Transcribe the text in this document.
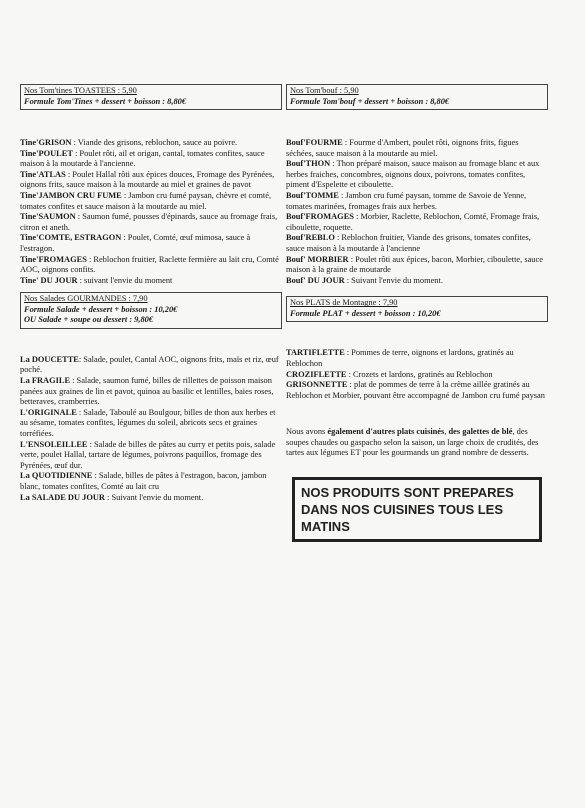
Nos Tom'tines TOASTEES : 5,90
Formule Tom'Tines + dessert + boisson : 8,80€

Tine'GRISON : Viande des grisons, reblochon, sauce au poivre.

Tine'POULET : Poulet rôti, ail et origan, cantal, tomates confites, sauce maison à la moutarde à l'ancienne.

Tine'ATLAS : Poulet Hallal rôti aux épices douces, Fromage des Pyrénées, oignons frits, sauce maison à la moutarde au miel et graines de pavot

Tine'JAMBON CRU FUME : Jambon cru fumé paysan, chèvre et comté, tomates confites et sauce maison à la moutarde au miel.

Tine'SAUMON : Saumon fumé, pousses d'épinards, sauce au fromage frais, citron et aneth.

Tine'COMTE, ESTRAGON : Poulet, Comté, œuf mimosa, sauce à l'estragon.

Tine'FROMAGES : Reblochon fruitier, Raclette fermière au lait cru, Comté AOC, oignons confits.

Tine' DU JOUR : suivant l'envie du moment

Nos Salades GOURMANDES : 7,90
Formule Salade + dessert + boisson : 10,20€
OU Salade + soupe ou dessert : 9,80€

La DOUCETTE: Salade, poulet, Cantal AOC, oignons frits, maïs et riz, œuf poché.

La FRAGILE : Salade, saumon fumé, billes de rillettes de poisson maison panées aux graines de lin et pavot, quinoa au basilic et lentilles, baies roses, betteraves, cramberries.

L'ORIGINALE : Salade, Taboulé au Boulgour, billes de thon aux herbes et au sésame, tomates confites, légumes du soleil, abricots secs et graines torréfiées.

L'ENSOLEILLEE : Salade de billes de pâtes au curry et petits pois, salade verte, poulet Hallal, tartare de légumes, poivrons paquillos, fromage des Pyrénées, œuf dur.

La QUOTIDIENNE : Salade, billes de pâtes à l'estragon, bacon, jambon blanc, tomates confites, Comté au lait cru

La SALADE DU JOUR : Suivant l'envie du moment.

Nos Tom'bouf : 5,90
Formule Tom'bouf + dessert + boisson : 8,80€

Bouf'FOURME : Fourme d'Ambert, poulet rôti, oignons frits, figues séchées, sauce maison à la moutarde au miel.

Bouf'THON : Thon préparé maison, sauce maison au fromage blanc et aux herbes fraiches, concombres, oignons doux, poivrons, tomates confites, piment d'Espelette et ciboulette.

Bouf'TOMME : Jambon cru fumé paysan, tomme de Savoie de Yenne, tomates marinées, fromages frais aux herbes.

Bouf'FROMAGES : Morbier, Raclette, Reblochon, Comté, Fromage frais, ciboulette, roquette.

Bouf'REBLO : Reblochon fruitier, Viande des grisons, tomates confites, sauce maison à la moutarde à l'ancienne

Bouf' MORBIER : Poulet rôti aux épices, bacon, Morbier, ciboulette, sauce maison à la graine de moutarde

Bouf' DU JOUR : Suivant l'envie du moment.

Nos PLATS de Montagne : 7,90
Formule PLAT + dessert + boisson : 10,20€

TARTIFLETTE : Pommes de terre, oignons et lardons, gratinés au Reblochon

CROZIFLETTE : Crozets et lardons, gratinés au Reblochon

GRISONNETTE : plat de pommes de terre à la crème aillée gratinés au Reblochon et Morbier, pouvant être accompagné de Jambon cru fumé paysan

Nous avons également d'autres plats cuisinés, des galettes de blé, des soupes chaudes ou gaspacho selon la saison, un large choix de crudités, des tartes aux légumes ET pour les gourmands un grand nombre de desserts.

NOS PRODUITS SONT PREPARES DANS NOS CUISINES TOUS LES MATINS
